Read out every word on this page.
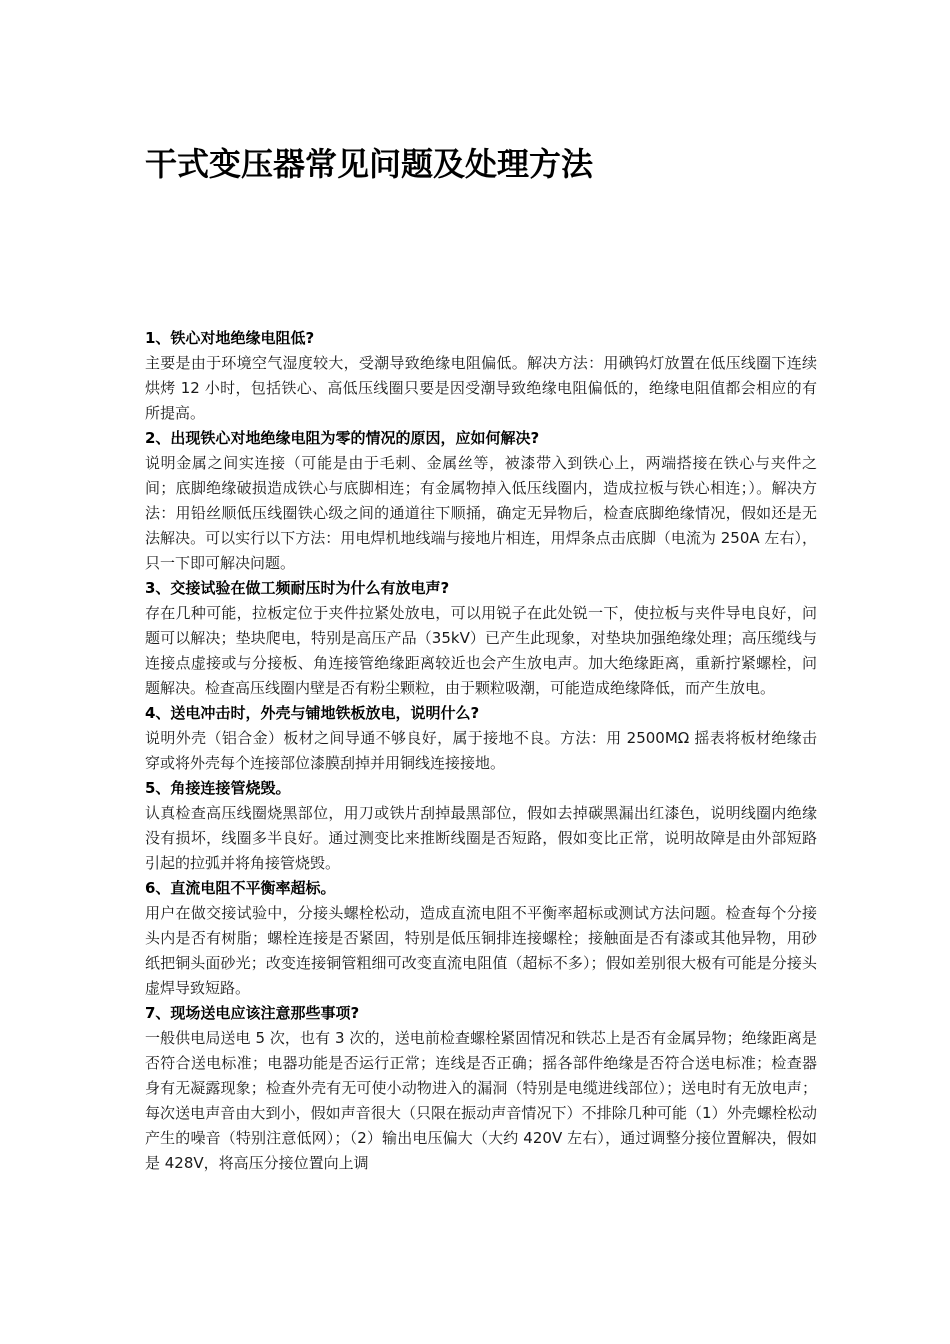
干式变压器常见问题及处理方法

1、铁心对地绝缘电阻低?

主要是由于环境空气湿度较大，受潮导致绝缘电阻偏低。解决方法：用碘钨灯放置在低压线圈下连续烘烤 12 小时，包括铁心、高低压线圈只要是因受潮导致绝缘电阻偏低的，绝缘电阻值都会相应的有所提高。

2、出现铁心对地绝缘电阻为零的情况的原因，应如何解决?

说明金属之间实连接（可能是由于毛刺、金属丝等，被漆带入到铁心上，两端搭接在铁心与夹件之间；底脚绝缘破损造成铁心与底脚相连；有金属物掉入低压线圈内，造成拉板与铁心相连；）。解决方法：用铅丝顺低压线圈铁心级之间的通道往下顺捅，确定无异物后，检查底脚绝缘情况，假如还是无法解决。可以实行以下方法：用电焊机地线端与接地片相连，用焊条点击底脚（电流为 250A 左右），只一下即可解决问题。

3、交接试验在做工频耐压时为什么有放电声?

存在几种可能，拉板定位于夹件拉紧处放电，可以用锐子在此处锐一下，使拉板与夹件导电良好，问题可以解决；垫块爬电，特别是高压产品（35kV）已产生此现象，对垫块加强绝缘处理；高压缆线与连接点虚接或与分接板、角连接管绝缘距离较近也会产生放电声。加大绝缘距离，重新拧紧螺栓，问题解决。检查高压线圈内壁是否有粉尘颗粒，由于颗粒吸潮，可能造成绝缘降低，而产生放电。

4、送电冲击时，外壳与铺地铁板放电，说明什么?

说明外壳（铝合金）板材之间导通不够良好，属于接地不良。方法：用 2500MΩ 摇表将板材绝缘击穿或将外壳每个连接部位漆膜刮掉并用铜线连接接地。

5、角接连接管烧毁。

认真检查高压线圈烧黑部位，用刀或铁片刮掉最黑部位，假如去掉碳黑漏出红漆色，说明线圈内绝缘没有损坏，线圈多半良好。通过测变比来推断线圈是否短路，假如变比正常，说明故障是由外部短路引起的拉弧并将角接管烧毁。

6、直流电阻不平衡率超标。

用户在做交接试验中，分接头螺栓松动，造成直流电阻不平衡率超标或测试方法问题。检查每个分接头内是否有树脂；螺栓连接是否紧固，特别是低压铜排连接螺栓；接触面是否有漆或其他异物，用砂纸把铜头面砂光；改变连接铜管粗细可改变直流电阻值（超标不多）；假如差别很大极有可能是分接头虚焊导致短路。

7、现场送电应该注意那些事项?

一般供电局送电 5 次，也有 3 次的，送电前检查螺栓紧固情况和铁芯上是否有金属异物；绝缘距离是否符合送电标准；电器功能是否运行正常；连线是否正确；摇各部件绝缘是否符合送电标准；检查器身有无凝露现象；检查外壳有无可使小动物进入的漏洞（特别是电缆进线部位）；送电时有无放电声；每次送电声音由大到小，假如声音很大（只限在振动声音情况下）不排除几种可能（1）外壳螺栓松动产生的噪音（特别注意低网）；（2）输出电压偏大（大约 420V 左右），通过调整分接位置解决，假如是 428V，将高压分接位置向上调
